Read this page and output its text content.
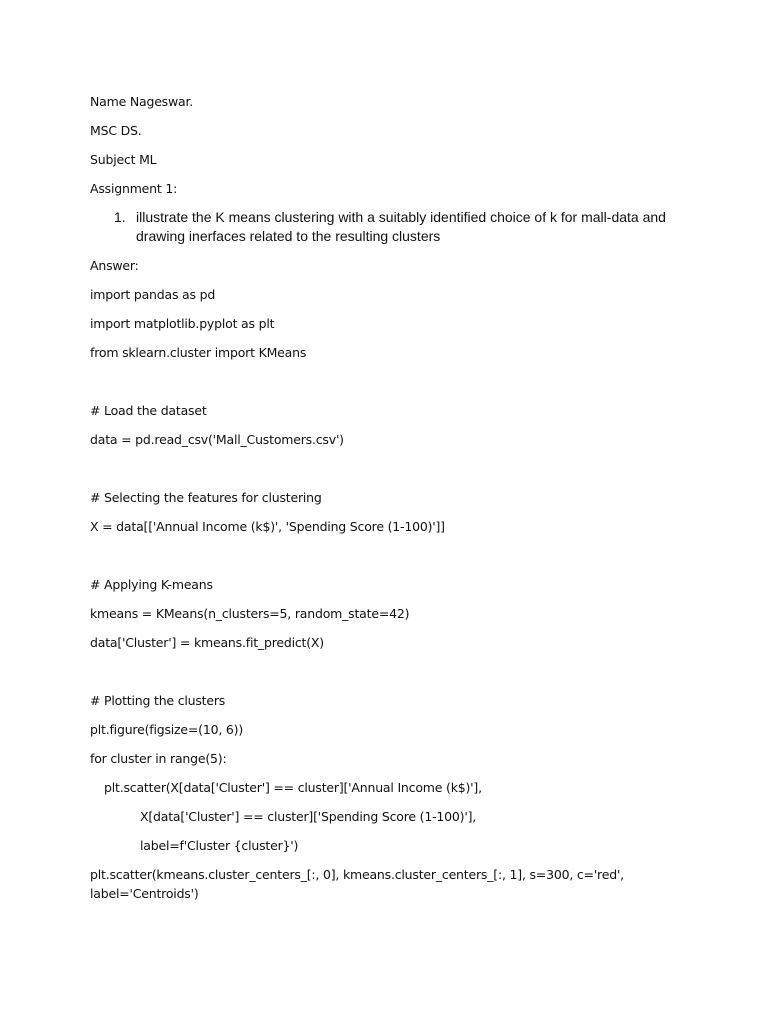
Name Nageswar.
MSC DS.
Subject ML
Assignment 1:
1. illustrate the K means clustering with a suitably identified choice of k for mall-data and
drawing inerfaces related to the resulting clusters
Answer:
import pandas as pd
import matplotlib.pyplot as plt
from sklearn.cluster import KMeans
# Load the dataset
data = pd.read_csv('Mall_Customers.csv')
# Selecting the features for clustering
X = data[['Annual Income (k$)', 'Spending Score (1-100)']]
# Applying K-means
kmeans = KMeans(n_clusters=5, random_state=42)
data['Cluster'] = kmeans.fit_predict(X)
# Plotting the clusters
plt.figure(figsize=(10, 6))
for cluster in range(5):
plt.scatter(X[data['Cluster'] == cluster]['Annual Income (k$)'],
X[data['Cluster'] == cluster]['Spending Score (1-100)'],
label=f'Cluster {cluster}')
plt.scatter(kmeans.cluster_centers_[:, 0], kmeans.cluster_centers_[:, 1], s=300, c='red',
label='Centroids')
